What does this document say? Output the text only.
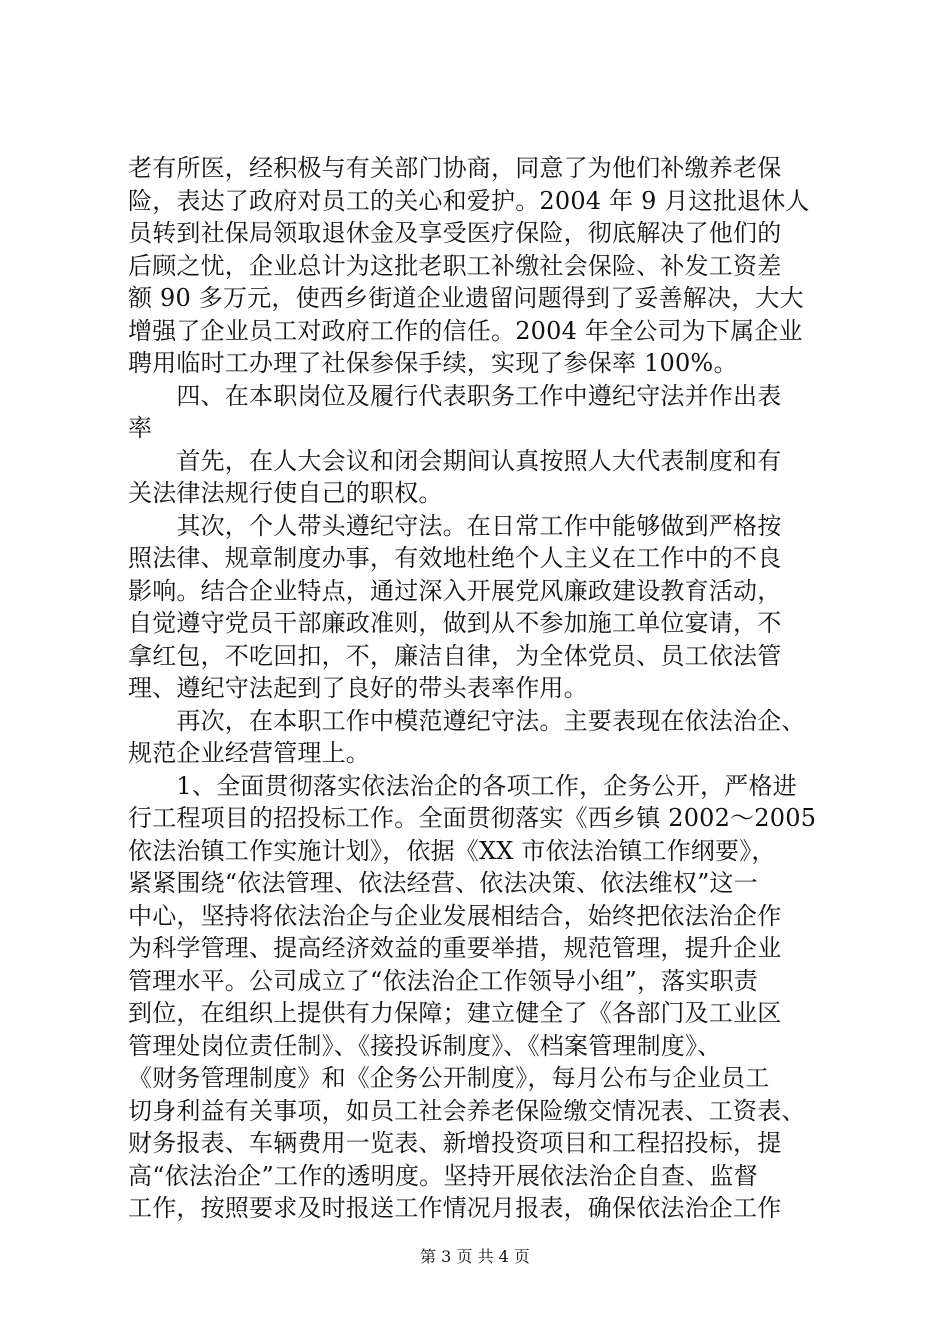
老有所医，经积极与有关部门协商，同意了为他们补缴养老保
险，表达了政府对员工的关心和爱护。2004 年 9 月这批退休人
员转到社保局领取退休金及享受医疗保险，彻底解决了他们的
后顾之忧，企业总计为这批老职工补缴社会保险、补发工资差
额 90 多万元，使西乡街道企业遗留问题得到了妥善解决，大大
增强了企业员工对政府工作的信任。2004 年全公司为下属企业
聘用临时工办理了社保参保手续，实现了参保率 100%。
　　四、在本职岗位及履行代表职务工作中遵纪守法并作出表
率
　　首先，在人大会议和闭会期间认真按照人大代表制度和有
关法律法规行使自己的职权。
　　其次，个人带头遵纪守法。在日常工作中能够做到严格按
照法律、规章制度办事，有效地杜绝个人主义在工作中的不良
影响。结合企业特点，通过深入开展党风廉政建设教育活动，
自觉遵守党员干部廉政准则，做到从不参加施工单位宴请，不
拿红包，不吃回扣，不，廉洁自律，为全体党员、员工依法管
理、遵纪守法起到了良好的带头表率作用。
　　再次，在本职工作中模范遵纪守法。主要表现在依法治企、
规范企业经营管理上。
　　1、全面贯彻落实依法治企的各项工作，企务公开，严格进
行工程项目的招投标工作。全面贯彻落实《西乡镇 2002～2005
依法治镇工作实施计划》，依据《XX 市依法治镇工作纲要》，
紧紧围绕“依法管理、依法经营、依法决策、依法维权”这一
中心，坚持将依法治企与企业发展相结合，始终把依法治企作
为科学管理、提高经济效益的重要举措，规范管理，提升企业
管理水平。公司成立了“依法治企工作领导小组”，落实职责
到位，在组织上提供有力保障；建立健全了《各部门及工业区
管理处岗位责任制》、《接投诉制度》、《档案管理制度》、
《财务管理制度》和《企务公开制度》，每月公布与企业员工
切身利益有关事项，如员工社会养老保险缴交情况表、工资表、
财务报表、车辆费用一览表、新增投资项目和工程招投标，提
高“依法治企”工作的透明度。坚持开展依法治企自查、监督
工作，按照要求及时报送工作情况月报表，确保依法治企工作
第 3 页 共 4 页
